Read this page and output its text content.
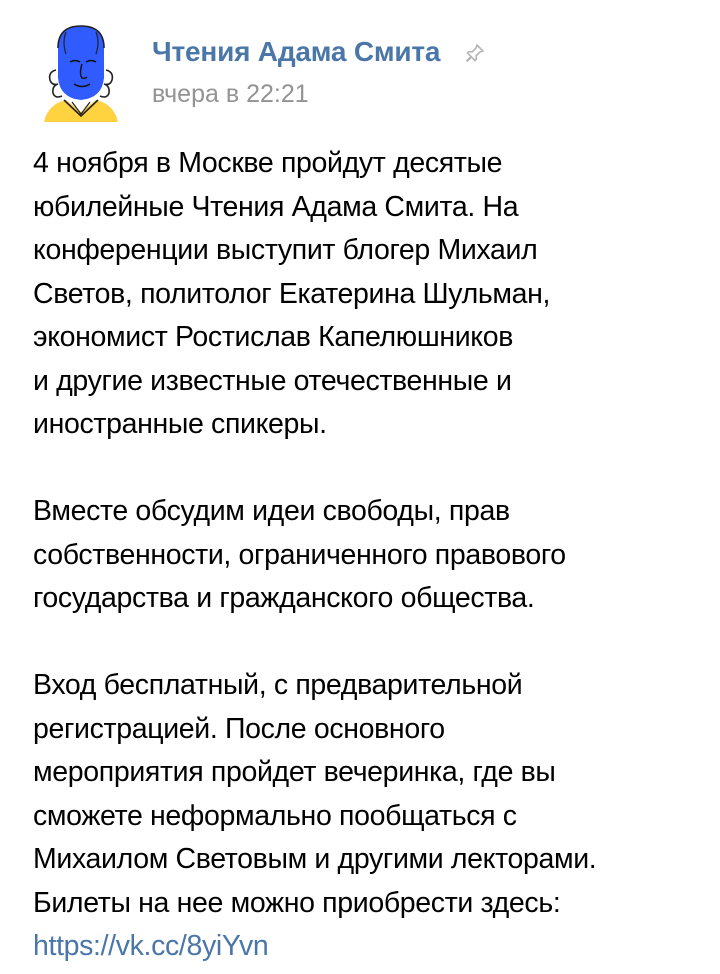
Чтения Адама Смита
вчера в 22:21

4 ноября в Москве пройдут десятые
юбилейные Чтения Адама Смита. На
конференции выступит блогер Михаил
Светов, политолог Екатерина Шульман,
экономист Ростислав Капелюшников
и другие известные отечественные и
иностранные спикеры.

Вместе обсудим идеи свободы, прав
собственности, ограниченного правового
государства и гражданского общества.

Вход бесплатный, с предварительной
регистрацией. После основного
мероприятия пройдет вечеринка, где вы
сможете неформально пообщаться с
Михаилом Световым и другими лекторами.
Билеты на нее можно приобрести здесь:
https://vk.cc/8yiYvn
